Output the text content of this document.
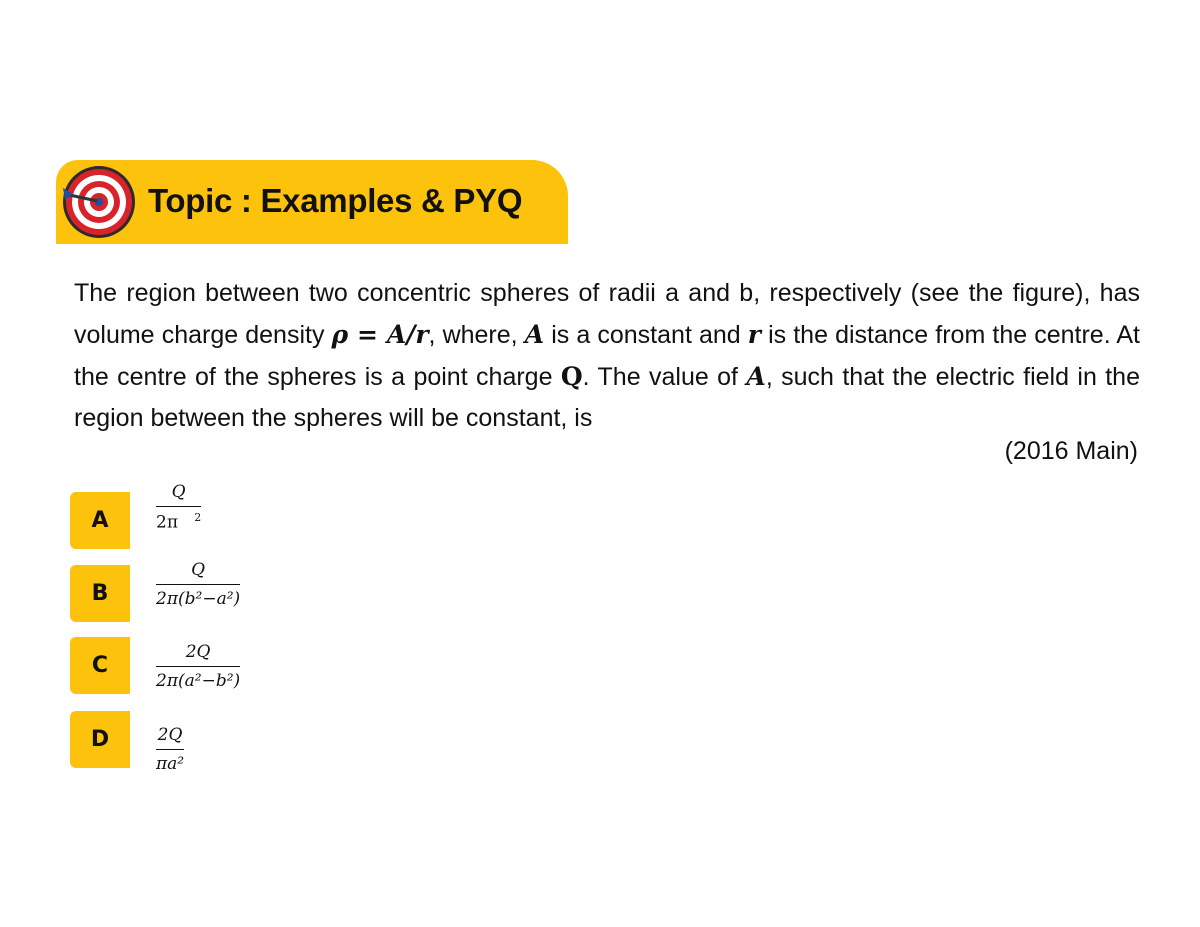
Topic : Examples & PYQ
The region between two concentric spheres of radii a and b, respectively (see the figure), has volume charge density ρ = A/r, where, A is a constant and r is the distance from the centre. At the centre of the spheres is a point charge Q. The value of A, such that the electric field in the region between the spheres will be constant, is
(2016 Main)
A	$\frac{Q}{2\pi ^2}$
B	$\frac{Q}{\text{2π(b²−a²)}}$
C	$\frac{2Q}{\text{2π(a²−b²)}}$
D	$\frac{2Q}{\text{πa²}}$
